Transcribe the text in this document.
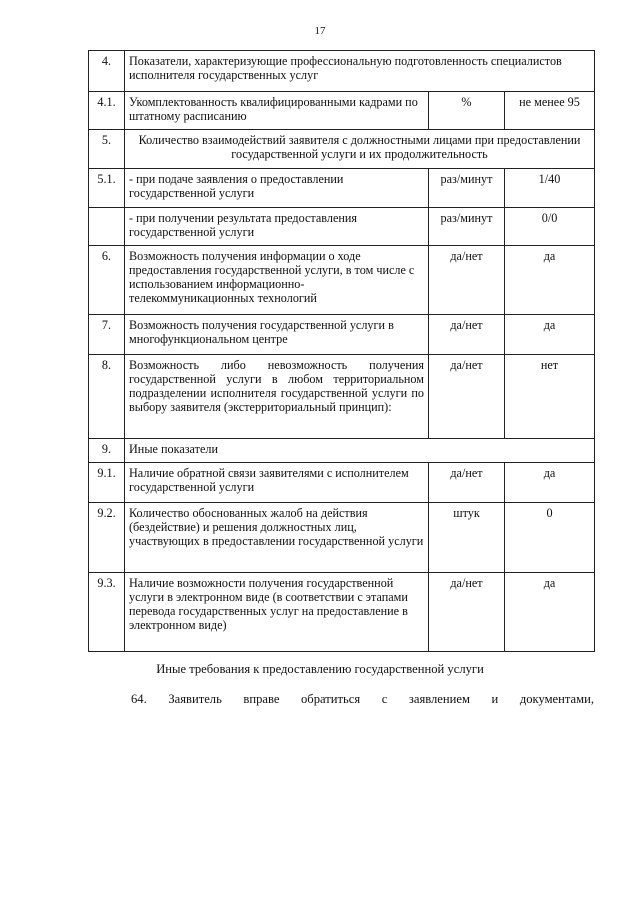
17
4.	Показатели, характеризующие профессиональную подготовленность специалистов исполнителя государственных услуг		
4.1.	Укомплектованность квалифицированными кадрами по штатному расписанию	%	не менее 95
5.	Количество взаимодействий заявителя с должностными лицами при предоставлении государственной услуги и их продолжительность		
5.1.	- при подаче заявления о предоставлении государственной услуги	раз/минут	1/40
	- при получении результата предоставления государственной услуги	раз/минут	0/0
6.	Возможность получения информации о ходе предоставления государственной услуги, в том числе с использованием информационно-телекоммуникационных технологий	да/нет	да
7.	Возможность получения государственной услуги в многофункциональном центре	да/нет	да
8.	Возможность либо невозможность получения государственной услуги в любом территориальном подразделении исполнителя государственной услуги по выбору заявителя (экстерриториальный принцип):	да/нет	нет
9.	Иные показатели		
9.1.	Наличие обратной связи заявителями с исполнителем государственной услуги	да/нет	да
9.2.	Количество обоснованных жалоб на действия (бездействие) и решения должностных лиц, участвующих в предоставлении государственной услуги	штук	0
9.3.	Наличие возможности получения государственной услуги в электронном виде (в соответствии с этапами перевода государственных услуг на предоставление в электронном виде)	да/нет	да
Иные требования к предоставлению государственной услуги
64. Заявитель вправе обратиться с заявлением и документами,
